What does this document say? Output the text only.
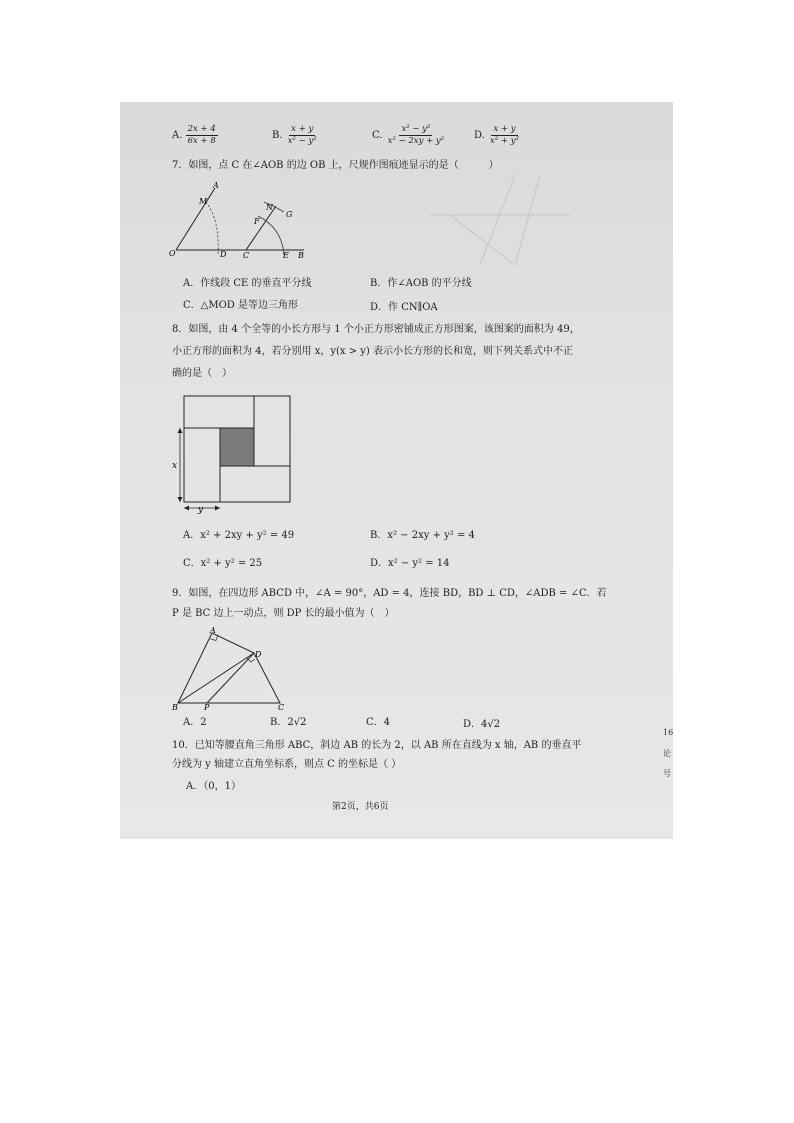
A. $\frac{2x + 4}{6x + 8}$	B. $\frac{x + y}{\text{x² − y²}}$	C. $\frac{\text{x² − y²}}{\text{x² − 2xy + y²}}$	D. $\frac{x + y}{\text{x² + y²}}$
7．如图，点 C 在∠AOB 的边 OB 上，尺规作图痕迹显示的是（　　　）
A
M
O	D
N
G
F
C	E B
A．作线段 CE 的垂直平分线	B．作∠AOB 的平分线
C．△MOD 是等边三角形	D．作 CN∥OA
8．如图，由 4 个全等的小长方形与 1 个小正方形密铺成正方形图案，该图案的面积为 49，
小正方形的面积为 4，若分别用 x，y(x > y) 表示小长方形的长和宽，则下列关系式中不正
确的是（　）
x
y
A．x² + 2xy + y² = 49	B．x² − 2xy + y² = 4
C．x² + y² = 25	D．x² − y² = 14
9．如图，在四边形 ABCD 中，∠A = 90°，AD = 4，连接 BD，BD ⊥ CD，∠ADB = ∠C．若
P 是 BC 边上一动点，则 DP 长的最小值为（　）
A
D
B	P	C
A．2	B．2√2	C．4	D．4√2
10．已知等腰直角三角形 ABC，斜边 AB 的长为 2，以 AB 所在直线为 x 轴，AB 的垂直平
分线为 y 轴建立直角坐标系，则点 C 的坐标是（ ）
A．（0，1）
第2页，共6页
16
论
号
